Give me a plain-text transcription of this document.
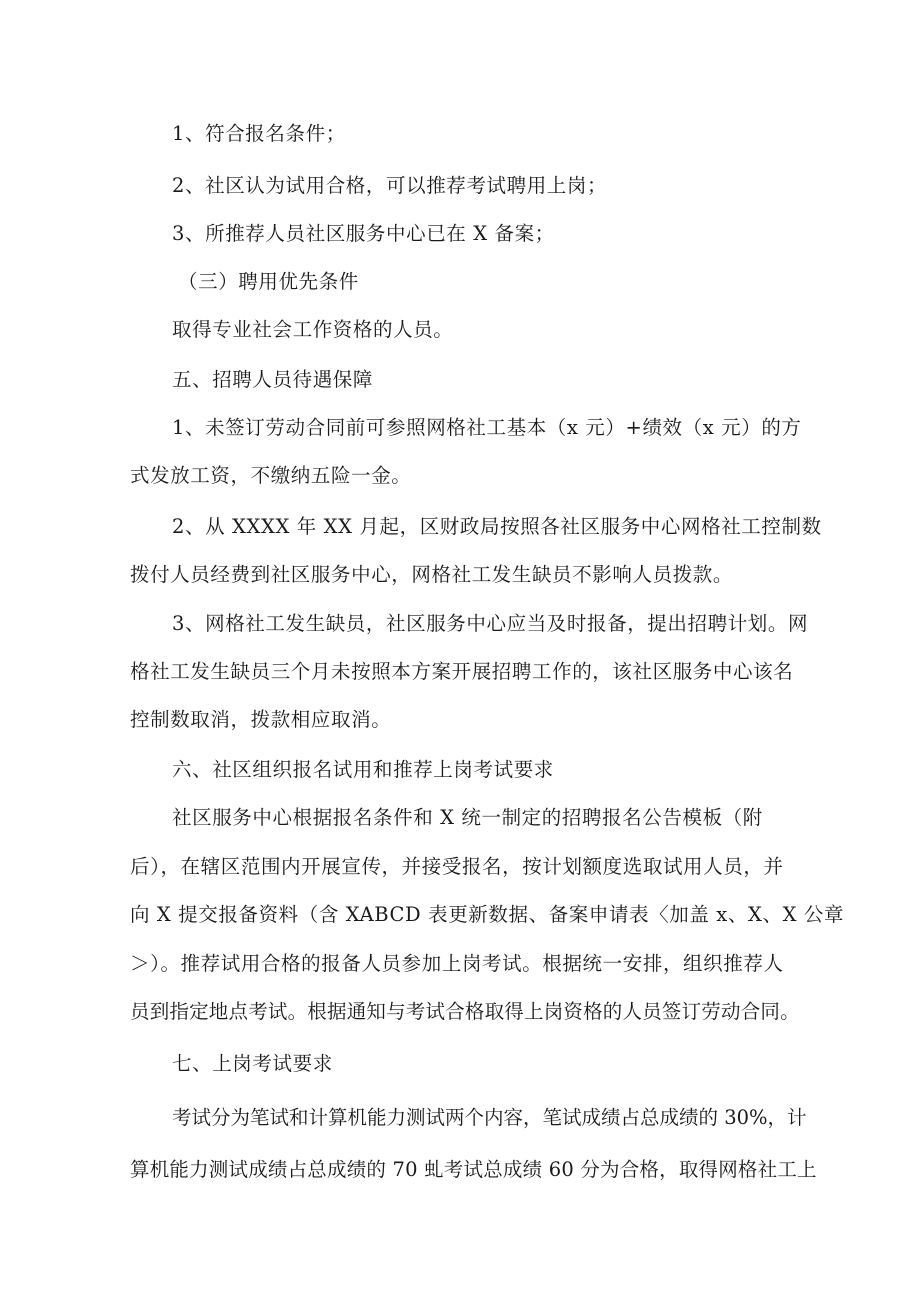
1、符合报名条件；
2、社区认为试用合格，可以推荐考试聘用上岗；
3、所推荐人员社区服务中心已在 X 备案；
（三）聘用优先条件
取得专业社会工作资格的人员。
五、招聘人员待遇保障
1、未签订劳动合同前可参照网格社工基本（x 元）+绩效（x 元）的方
式发放工资，不缴纳五险一金。
2、从 XXXX 年 XX 月起，区财政局按照各社区服务中心网格社工控制数
拨付人员经费到社区服务中心，网格社工发生缺员不影响人员拨款。
3、网格社工发生缺员，社区服务中心应当及时报备，提出招聘计划。网
格社工发生缺员三个月未按照本方案开展招聘工作的，该社区服务中心该名
控制数取消，拨款相应取消。
六、社区组织报名试用和推荐上岗考试要求
社区服务中心根据报名条件和 X 统一制定的招聘报名公告模板（附
后），在辖区范围内开展宣传，并接受报名，按计划额度选取试用人员，并
向 X 提交报备资料（含 XABCD 表更新数据、备案申请表〈加盖 x、X、X 公章
＞）。推荐试用合格的报备人员参加上岗考试。根据统一安排，组织推荐人
员到指定地点考试。根据通知与考试合格取得上岗资格的人员签订劳动合同。
七、上岗考试要求
考试分为笔试和计算机能力测试两个内容，笔试成绩占总成绩的 30%，计
算机能力测试成绩占总成绩的 70 虬考试总成绩 60 分为合格，取得网格社工上
